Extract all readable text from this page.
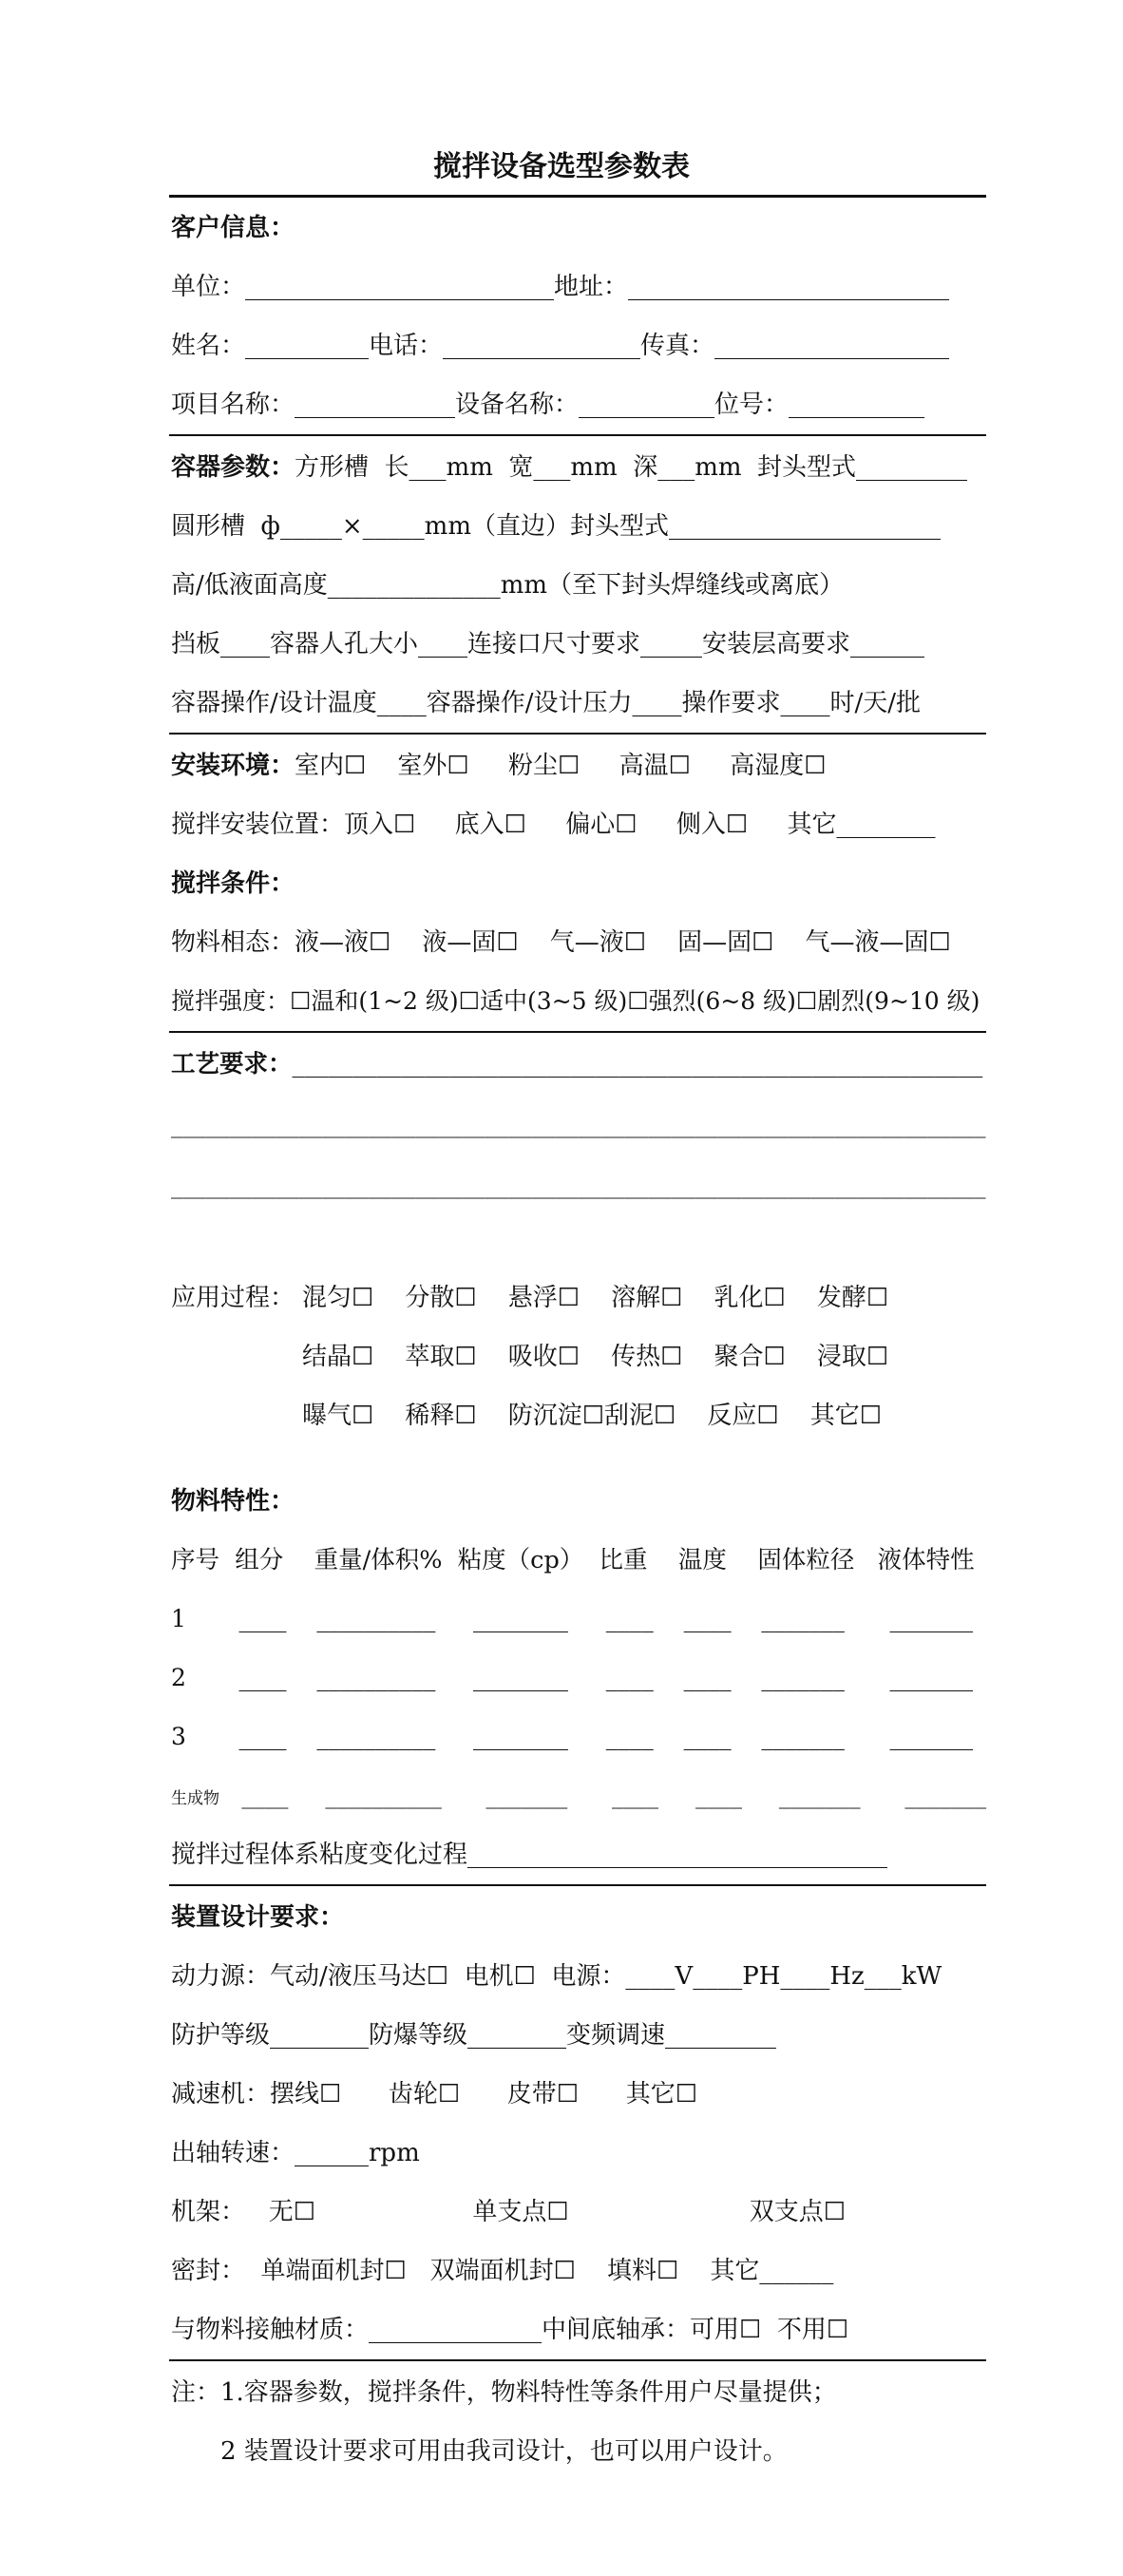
搅拌设备选型参数表
客户信息：
单位：_________________________地址：__________________________
姓名：__________电话：________________传真：___________________
项目名称：_____________设备名称：___________位号：___________
容器参数：方形槽  长___mm  宽___mm  深___mm  封头型式_________
圆形槽  ф_____×_____mm（直边）封头型式______________________
高/低液面高度______________mm（至下封头焊缝线或离底）
挡板____容器人孔大小____连接口尺寸要求_____安装层高要求______
容器操作/设计温度____容器操作/设计压力____操作要求____时/天/批
安装环境：室内☐    室外☐     粉尘☐     高温☐     高湿度☐
搅拌安装位置：顶入☐     底入☐     偏心☐     侧入☐     其它________
搅拌条件：
物料相态：液—液☐    液—固☐    气—液☐    固—固☐    气—液—固☐
搅拌强度：☐温和(1~2 级)☐适中(3~5 级)☐强烈(6~8 级)☐剧烈(9~10 级)
工艺要求：_________________________________________________________
______________________________________________________________________
______________________________________________________________________
应用过程： 混匀☐    分散☐    悬浮☐    溶解☐    乳化☐    发酵☐
结晶☐    萃取☐    吸收☐    传热☐    聚合☐    浸取☐
曝气☐    稀释☐    防沉淀☐刮泥☐    反应☐    其它☐
物料特性：
序号  组分    重量/体积%  粘度（cp）  比重    温度    固体粒径   液体特性
1       ____    __________     ________     ____    ____    _______      _______
2       ____    __________     ________     ____    ____    _______      _______
3       ____    __________     ________     ____    ____    _______      _______
生成物 ____     __________      _______      ____     ____     _______      _______
搅拌过程体系粘度变化过程__________________________________
装置设计要求：
动力源：气动/液压马达☐  电机☐  电源：____V____PH____Hz___kW
防护等级________防爆等级________变频调速_________
减速机：摆线☐      齿轮☐      皮带☐      其它☐
出轴转速：______rpm
机架：   无☐                    单支点☐                       双支点☐
密封：  单端面机封☐   双端面机封☐    填料☐    其它______
与物料接触材质：______________中间底轴承：可用☐  不用☐
注：1.容器参数，搅拌条件，物料特性等条件用户尽量提供；
2 装置设计要求可用由我司设计，也可以用户设计。
